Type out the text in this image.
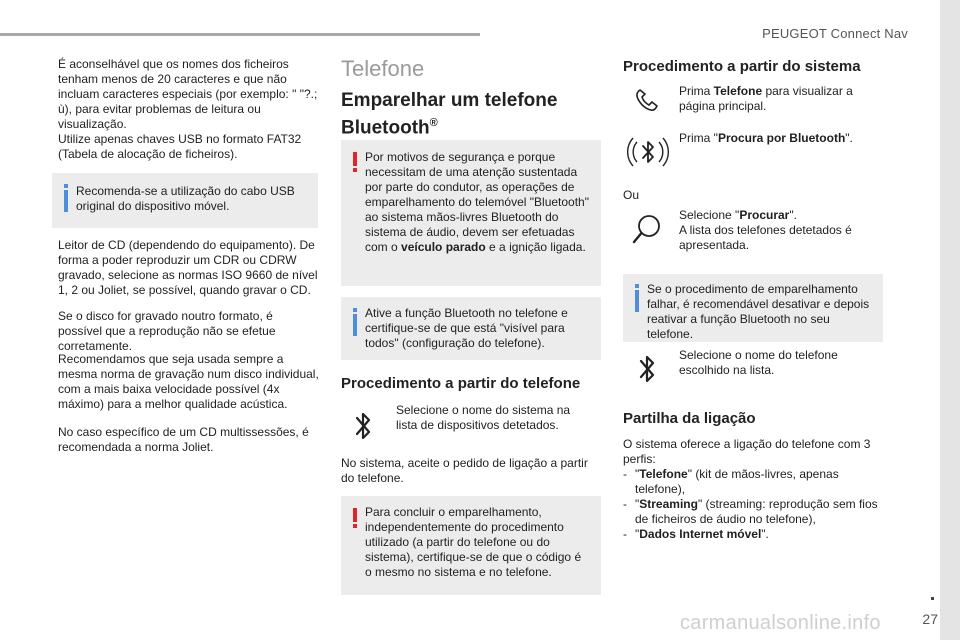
PEUGEOT Connect Nav

É aconselhável que os nomes dos ficheiros tenham menos de 20 caracteres e que não incluam caracteres especiais (por exemplo: " "?.; ù), para evitar problemas de leitura ou visualização.

Utilize apenas chaves USB no formato FAT32 (Tabela de alocação de ficheiros).

Recomenda-se a utilização do cabo USB original do dispositivo móvel.

Leitor de CD (dependendo do equipamento). De forma a poder reproduzir um CDR ou CDRW gravado, selecione as normas ISO 9660 de nível 1, 2 ou Joliet, se possível, quando gravar o CD.

Se o disco for gravado noutro formato, é possível que a reprodução não se efetue corretamente.

Recomendamos que seja usada sempre a mesma norma de gravação num disco individual, com a mais baixa velocidade possível (4x máximo) para a melhor qualidade acústica.

No caso específico de um CD multissessões, é recomendada a norma Joliet.

Telefone
Emparelhar um telefone
Bluetooth®

Por motivos de segurança e porque necessitam de uma atenção sustentada por parte do condutor, as operações de emparelhamento do telemóvel "Bluetooth" ao sistema mãos-livres Bluetooth do sistema de áudio, devem ser efetuadas com o veículo parado e a ignição ligada.

Ative a função Bluetooth no telefone e certifique-se de que está "visível para todos" (configuração do telefone).

Procedimento a partir do telefone

Selecione o nome do sistema na lista de dispositivos detetados.

No sistema, aceite o pedido de ligação a partir do telefone.

Para concluir o emparelhamento, independentemente do procedimento utilizado (a partir do telefone ou do sistema), certifique-se de que o código é o mesmo no sistema e no telefone.

Procedimento a partir do sistema

Prima Telefone para visualizar a página principal.

Prima "Procura por Bluetooth".

Ou

Selecione "Procurar".

A lista dos telefones detetados é apresentada.

Se o procedimento de emparelhamento falhar, é recomendável desativar e depois reativar a função Bluetooth no seu telefone.

Selecione o nome do telefone escolhido na lista.

Partilha da ligação

O sistema oferece a ligação do telefone com 3 perfis:

- "Telefone" (kit de mãos-livres, apenas telefone),
- "Streaming" (streaming: reprodução sem fios de ficheiros de áudio no telefone),
- "Dados Internet móvel".
carmanualsonline.info	27
